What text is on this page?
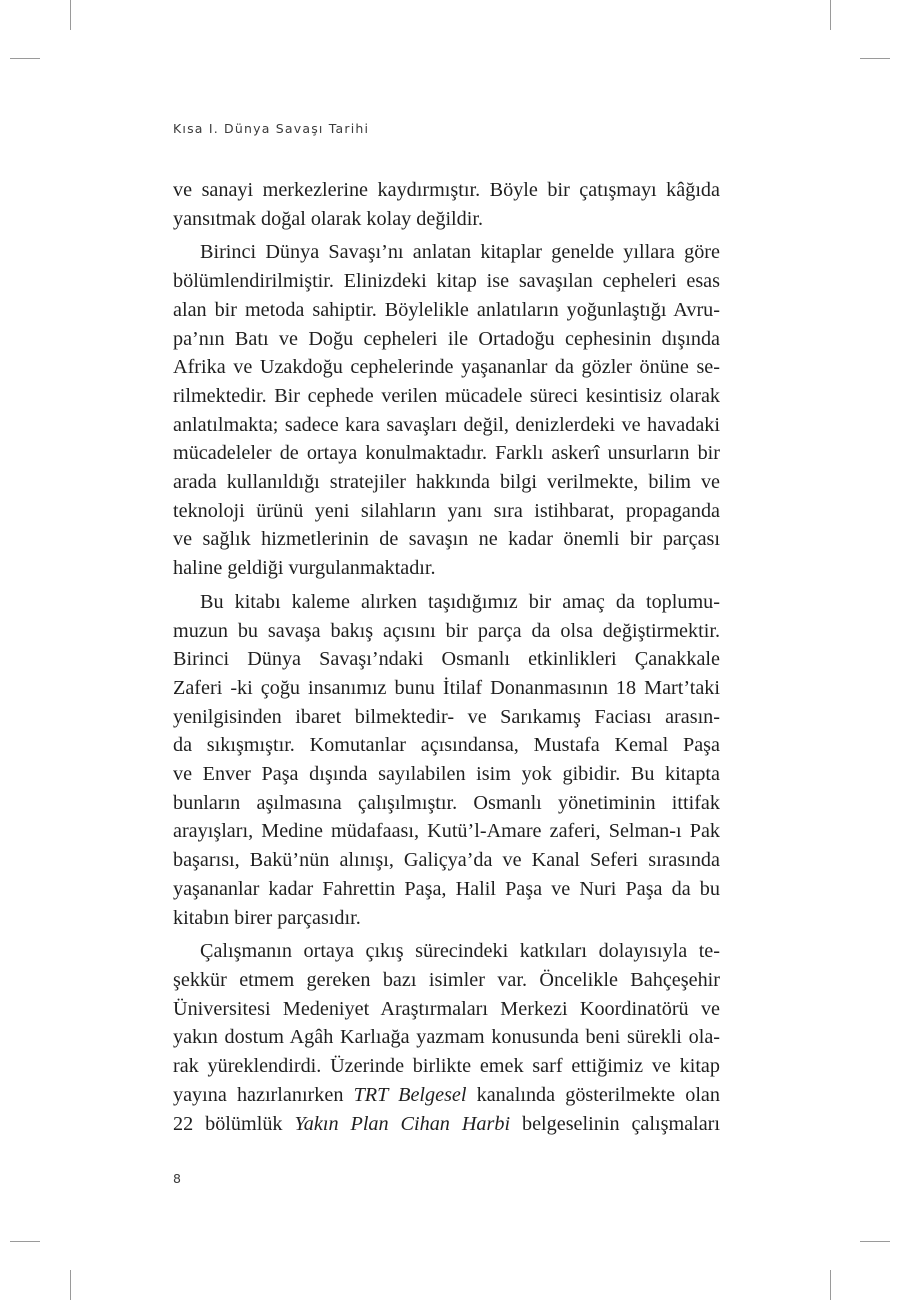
Kısa I. Dünya Savaşı Tarihi

ve sanayi merkezlerine kaydırmıştır. Böyle bir çatışmayı kâğıda
yansıtmak doğal olarak kolay değildir.

Birinci Dünya Savaşı’nı anlatan kitaplar genelde yıllara göre
bölümlendirilmiştir. Elinizdeki kitap ise savaşılan cepheleri esas
alan bir metoda sahiptir. Böylelikle anlatıların yoğunlaştığı Avru-
pa’nın Batı ve Doğu cepheleri ile Ortadoğu cephesinin dışında
Afrika ve Uzakdoğu cephelerinde yaşananlar da gözler önüne se-
rilmektedir. Bir cephede verilen mücadele süreci kesintisiz olarak
anlatılmakta; sadece kara savaşları değil, denizlerdeki ve havadaki
mücadeleler de ortaya konulmaktadır. Farklı askerî unsurların bir
arada kullanıldığı stratejiler hakkında bilgi verilmekte, bilim ve
teknoloji ürünü yeni silahların yanı sıra istihbarat, propaganda
ve sağlık hizmetlerinin de savaşın ne kadar önemli bir parçası
haline geldiği vurgulanmaktadır.

Bu kitabı kaleme alırken taşıdığımız bir amaç da toplumu-
muzun bu savaşa bakış açısını bir parça da olsa değiştirmektir.
Birinci Dünya Savaşı’ndaki Osmanlı etkinlikleri Çanakkale
Zaferi -ki çoğu insanımız bunu İtilaf Donanmasının 18 Mart’taki
yenilgisinden ibaret bilmektedir- ve Sarıkamış Faciası arasın-
da sıkışmıştır. Komutanlar açısındansa, Mustafa Kemal Paşa
ve Enver Paşa dışında sayılabilen isim yok gibidir. Bu kitapta
bunların aşılmasına çalışılmıştır. Osmanlı yönetiminin ittifak
arayışları, Medine müdafaası, Kutü’l-Amare zaferi, Selman-ı Pak
başarısı, Bakü’nün alınışı, Galiçya’da ve Kanal Seferi sırasında
yaşananlar kadar Fahrettin Paşa, Halil Paşa ve Nuri Paşa da bu
kitabın birer parçasıdır.

Çalışmanın ortaya çıkış sürecindeki katkıları dolayısıyla te-
şekkür etmem gereken bazı isimler var. Öncelikle Bahçeşehir
Üniversitesi Medeniyet Araştırmaları Merkezi Koordinatörü ve
yakın dostum Agâh Karlıağa yazmam konusunda beni sürekli ola-
rak yüreklendirdi. Üzerinde birlikte emek sarf ettiğimiz ve kitap
yayına hazırlanırken TRT Belgesel kanalında gösterilmekte olan
22 bölümlük Yakın Plan Cihan Harbi belgeselinin çalışmaları

8
